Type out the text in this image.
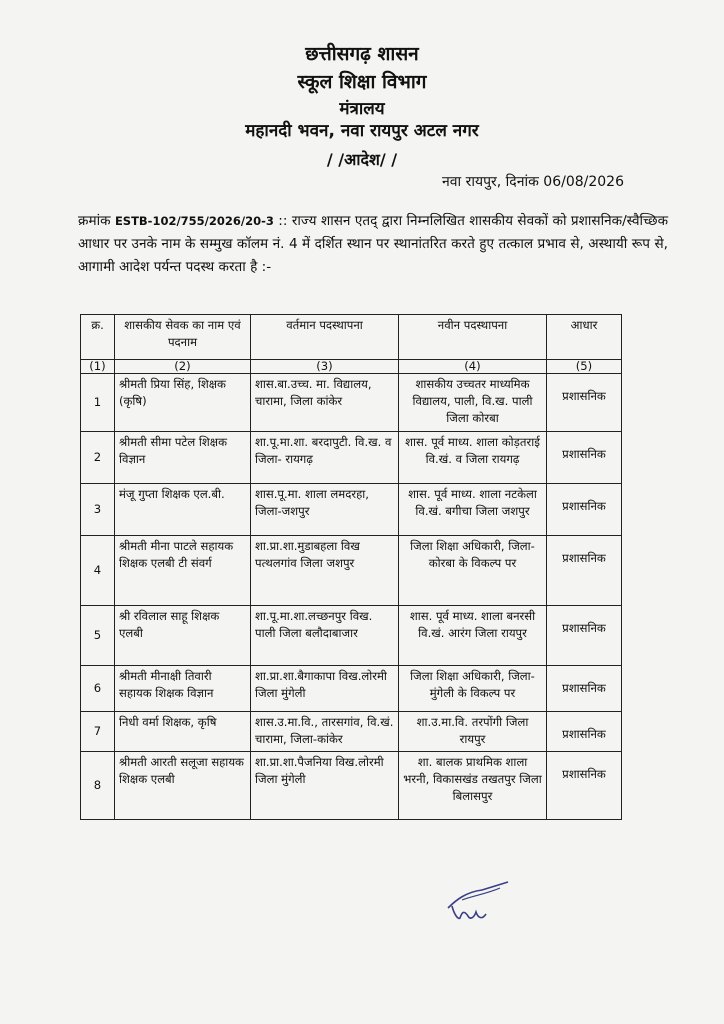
छत्तीसगढ़ शासन
स्कूल शिक्षा विभाग
मंत्रालय
महानदी भवन, नवा रायपुर अटल नगर
/ /आदेश/ /
नवा रायपुर, दिनांक 06/08/2026
क्रमांक ESTB-102/755/2026/20-3 :: राज्य शासन एतद् द्वारा निम्नलिखित शासकीय सेवकों को प्रशासनिक/स्वैच्छिक आधार पर उनके नाम के सम्मुख कॉलम नं. 4 में दर्शित स्थान पर स्थानांतरित करते हुए तत्काल प्रभाव से, अस्थायी रूप से, आगामी आदेश पर्यन्त पदस्थ करता है :-
क्र.	शासकीय सेवक का नाम एवं पदनाम	वर्तमान पदस्थापना	नवीन पदस्थापना	आधार
(1)	(2)	(3)	(4)	(5)
1	श्रीमती प्रिया सिंह, शिक्षक (कृषि)	शास.बा.उच्च. मा. विद्यालय, चारामा, जिला कांकेर	शासकीय उच्चतर माध्यमिक विद्यालय, पाली, वि.ख. पाली जिला कोरबा	प्रशासनिक
2	श्रीमती सीमा पटेल शिक्षक विज्ञान	शा.पू.मा.शा. बरदापुटी. वि.ख. व जिला- रायगढ़	शास. पूर्व माध्य. शाला कोड़तराई वि.खं. व जिला रायगढ़	प्रशासनिक
3	मंजू गुप्ता शिक्षक एल.बी.	शास.पू.मा. शाला लमदरहा, जिला-जशपुर	शास. पूर्व माध्य. शाला नटकेला वि.खं. बगीचा जिला जशपुर	प्रशासनिक
4	श्रीमती मीना पाटले सहायक शिक्षक एलबी टी संवर्ग	शा.प्रा.शा.मुडाबहला विख पत्थलगांव जिला जशपुर	जिला शिक्षा अधिकारी, जिला-कोरबा के विकल्प पर	प्रशासनिक
5	श्री रविलाल साहू शिक्षक एलबी	शा.पू.मा.शा.लच्छनपुर विख. पाली जिला बलौदाबाजार	शास. पूर्व माध्य. शाला बनरसी वि.खं. आरंग जिला रायपुर	प्रशासनिक
6	श्रीमती मीनाक्षी तिवारी सहायक शिक्षक विज्ञान	शा.प्रा.शा.बैगाकापा विख.लोरमी जिला मुंगेली	जिला शिक्षा अधिकारी, जिला-मुंगेली के विकल्प पर	प्रशासनिक
7	निधी वर्मा शिक्षक, कृषि	शास.उ.मा.वि., तारसगांव, वि.खं. चारामा, जिला-कांकेर	शा.उ.मा.वि. तरपोंगी जिला रायपुर	प्रशासनिक
8	श्रीमती आरती सलूजा सहायक शिक्षक एलबी	शा.प्रा.शा.पैजनिया विख.लोरमी जिला मुंगेली	शा. बालक प्राथमिक शाला भरनी, विकासखंड तखतपुर जिला बिलासपुर	प्रशासनिक
